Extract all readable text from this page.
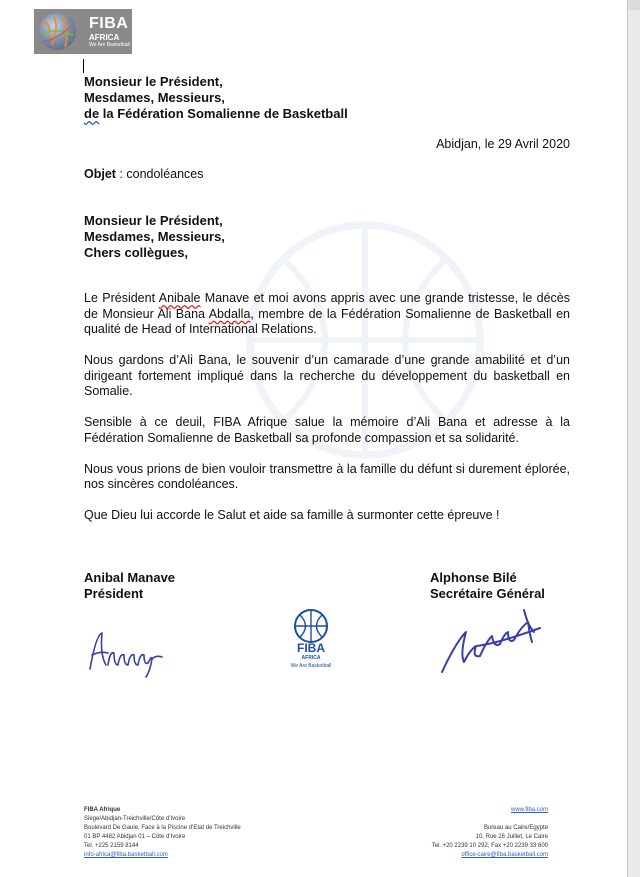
FIBA
AFRICA
We Are Basketball
Monsieur le Président,
Mesdames, Messieurs,
de la Fédération Somalienne de Basketball
Abidjan, le 29 Avril 2020
Objet : condoléances
Monsieur le Président,
Mesdames, Messieurs,
Chers collègues,

Le Président Anibale Manave et moi avons appris avec une grande tristesse, le décès de Monsieur Ali Bana Abdalla, membre de la Fédération Somalienne de Basketball en qualité de Head of International Relations.

Nous gardons d’Ali Bana, le souvenir d’un camarade d’une grande amabilité et d’un dirigeant fortement impliqué dans la recherche du développement du basketball en Somalie.

Sensible à ce deuil, FIBA Afrique salue la mémoire d’Ali Bana et adresse à la Fédération Somalienne de Basketball sa profonde compassion et sa solidarité.

Nous vous prions de bien vouloir transmettre à la famille du défunt si durement éplorée, nos sincères condoléances.

Que Dieu lui accorde le Salut et aide sa famille à surmonter cette épreuve !

Anibal Manave
Président
Alphonse Bilé
Secrétaire Général
FIBA
AFRICA
We Are Basketball
FIBA Afrique
Siège/Abidjan-Treichville/Côte d’Ivoire
Boulevard De Gaule, Face à la Piscine d’Etat de Treichville
01 BP 4482 Abidjan 01 – Côte d’Ivoire
Tel. +225 2159 8144
info-africa@fiba.basketball.com
www.fiba.com
Bureau au Caire/Egypte
10, Rue 26 Juillet, Le Caire
Tel. +20 2239 10 292, Fax +20 2239 33 600
office-caire@fiba.basketball.com
